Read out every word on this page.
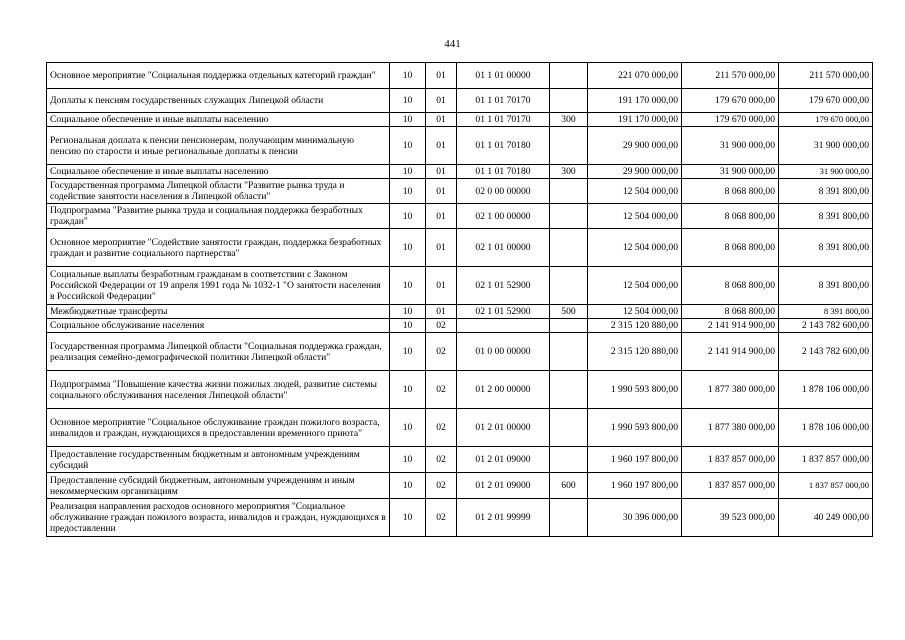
441
Основное мероприятие "Социальная поддержка отдельных категорий граждан"	10	01	01 1 01 00000		221 070 000,00	211 570 000,00	211 570 000,00
Доплаты к пенсиям государственных служащих Липецкой области	10	01	01 1 01 70170		191 170 000,00	179 670 000,00	179 670 000,00
Социальное обеспечение и иные выплаты населению	10	01	01 1 01 70170	300	191 170 000,00	179 670 000,00	179 670 000,00
Региональная доплата к пенсии пенсионерам, получающим минимальную пенсию по старости и иные региональные доплаты к пенсии	10	01	01 1 01 70180		29 900 000,00	31 900 000,00	31 900 000,00
Социальное обеспечение и иные выплаты населению	10	01	01 1 01 70180	300	29 900 000,00	31 900 000,00	31 900 000,00
Государственная программа Липецкой области "Развитие рынка труда и содействие занятости населения в Липецкой области"	10	01	02 0 00 00000		12 504 000,00	8 068 800,00	8 391 800,00
Подпрограмма "Развитие рынка труда и социальная поддержка безработных граждан"	10	01	02 1 00 00000		12 504 000,00	8 068 800,00	8 391 800,00
Основное мероприятие "Содействие занятости граждан, поддержка безработных граждан и развитие социального партнерства"	10	01	02 1 01 00000		12 504 000,00	8 068 800,00	8 391 800,00
Социальные выплаты безработным гражданам в соответствии с Законом Российской Федерации от 19 апреля 1991 года № 1032-1 "О занятости населения в Российской Федерации"	10	01	02 1 01 52900		12 504 000,00	8 068 800,00	8 391 800,00
Межбюджетные трансферты	10	01	02 1 01 52900	500	12 504 000,00	8 068 800,00	8 391 800,00
Социальное обслуживание населения	10	02			2 315 120 880,00	2 141 914 900,00	2 143 782 600,00
Государственная программа Липецкой области "Социальная поддержка граждан, реализация семейно-демографической политики Липецкой области"	10	02	01 0 00 00000		2 315 120 880,00	2 141 914 900,00	2 143 782 600,00
Подпрограмма "Повышение качества жизни пожилых людей, развитие системы социального обслуживания населения Липецкой области"	10	02	01 2 00 00000		1 990 593 800,00	1 877 380 000,00	1 878 106 000,00
Основное мероприятие "Социальное обслуживание граждан пожилого возраста, инвалидов и граждан, нуждающихся в предоставлении временного приюта"	10	02	01 2 01 00000		1 990 593 800,00	1 877 380 000,00	1 878 106 000,00
Предоставление государственным бюджетным и автономным учреждениям субсидий	10	02	01 2 01 09000		1 960 197 800,00	1 837 857 000,00	1 837 857 000,00
Предоставление субсидий бюджетным, автономным учреждениям и иным некоммерческим организациям	10	02	01 2 01 09000	600	1 960 197 800,00	1 837 857 000,00	1 837 857 000,00
Реализация направления расходов основного мероприятия "Социальное обслуживание граждан пожилого возраста, инвалидов и граждан, нуждающихся в предоставлении	10	02	01 2 01 99999		30 396 000,00	39 523 000,00	40 249 000,00
